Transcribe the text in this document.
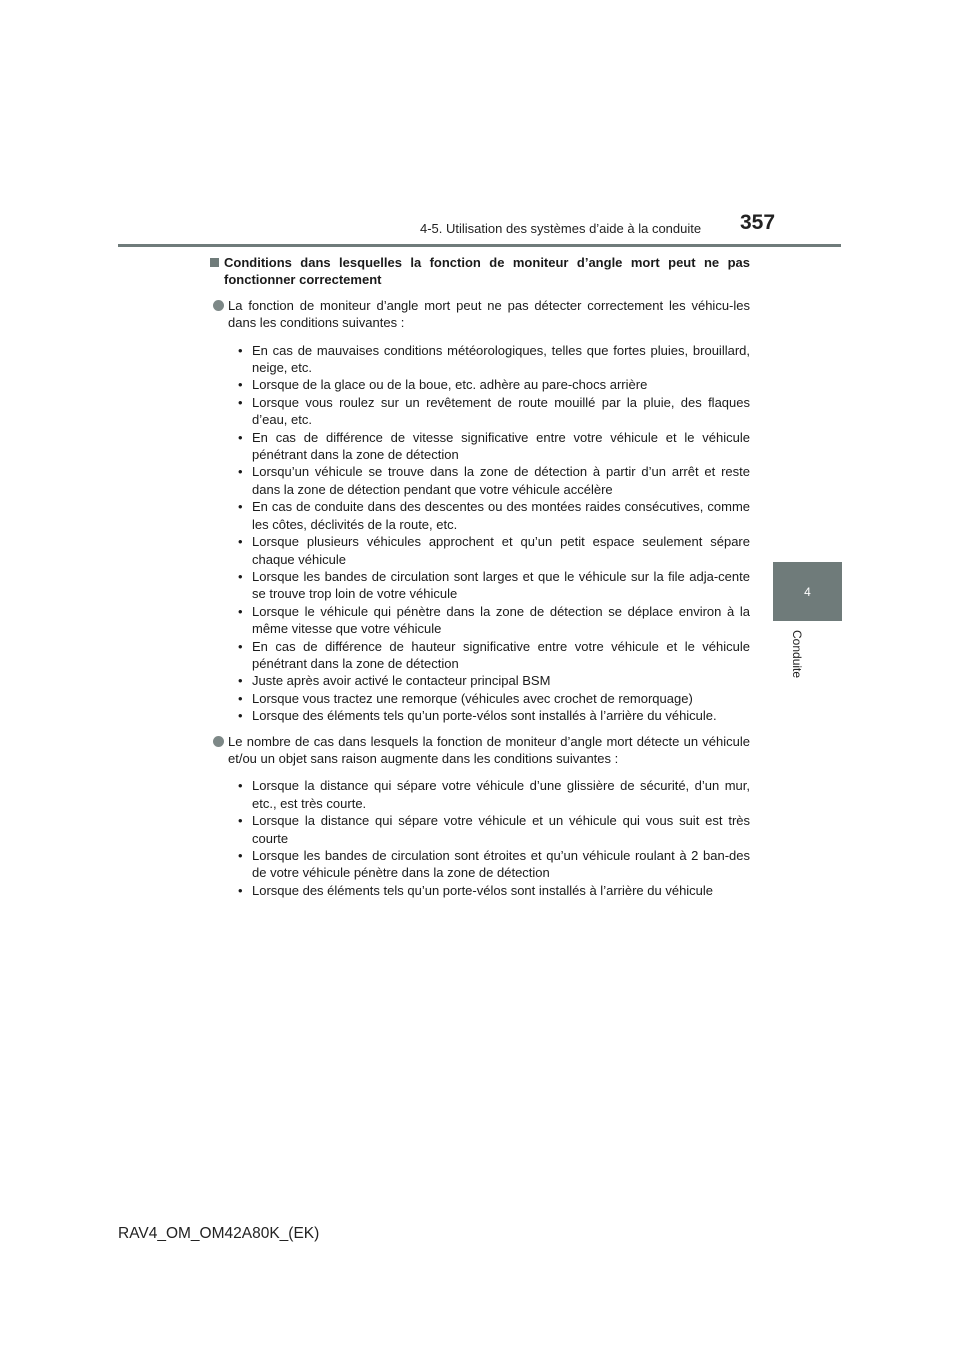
4-5. Utilisation des systèmes d’aide à la conduite 357
4
Conduite
Conditions dans lesquelles la fonction de moniteur d’angle mort peut ne pas fonctionner correctement
La fonction de moniteur d’angle mort peut ne pas détecter correctement les véhicu-les dans les conditions suivantes :
• En cas de mauvaises conditions météorologiques, telles que fortes pluies, brouillard, neige, etc.
• Lorsque de la glace ou de la boue, etc. adhère au pare-chocs arrière
• Lorsque vous roulez sur un revêtement de route mouillé par la pluie, des flaques d’eau, etc.
• En cas de différence de vitesse significative entre votre véhicule et le véhicule pénétrant dans la zone de détection
• Lorsqu’un véhicule se trouve dans la zone de détection à partir d’un arrêt et reste dans la zone de détection pendant que votre véhicule accélère
• En cas de conduite dans des descentes ou des montées raides consécutives, comme les côtes, déclivités de la route, etc.
• Lorsque plusieurs véhicules approchent et qu’un petit espace seulement sépare chaque véhicule
• Lorsque les bandes de circulation sont larges et que le véhicule sur la file adja-cente se trouve trop loin de votre véhicule
• Lorsque le véhicule qui pénètre dans la zone de détection se déplace environ à la même vitesse que votre véhicule
• En cas de différence de hauteur significative entre votre véhicule et le véhicule pénétrant dans la zone de détection
• Juste après avoir activé le contacteur principal BSM
• Lorsque vous tractez une remorque (véhicules avec crochet de remorquage)
• Lorsque des éléments tels qu’un porte-vélos sont installés à l’arrière du véhicule.
Le nombre de cas dans lesquels la fonction de moniteur d’angle mort détecte un véhicule et/ou un objet sans raison augmente dans les conditions suivantes :
• Lorsque la distance qui sépare votre véhicule d’une glissière de sécurité, d’un mur, etc., est très courte.
• Lorsque la distance qui sépare votre véhicule et un véhicule qui vous suit est très courte
• Lorsque les bandes de circulation sont étroites et qu’un véhicule roulant à 2 ban-des de votre véhicule pénètre dans la zone de détection
• Lorsque des éléments tels qu’un porte-vélos sont installés à l’arrière du véhicule
RAV4_OM_OM42A80K_(EK)
